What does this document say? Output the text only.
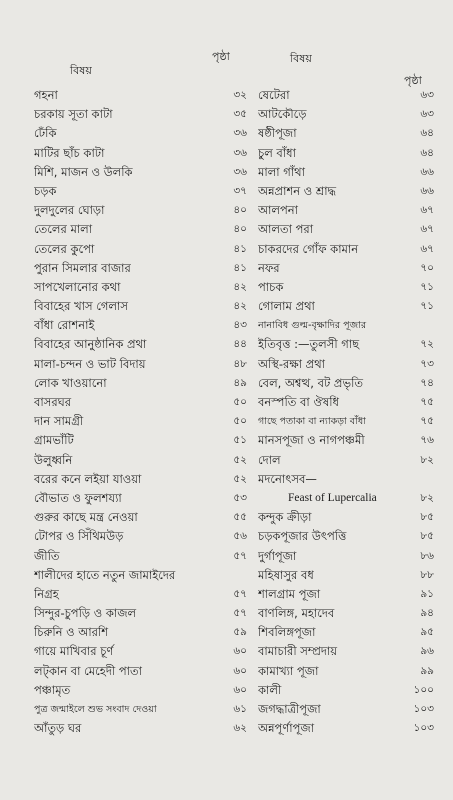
বিষয়
পৃষ্ঠা	বিষয়
পৃষ্ঠা
গহনা	৩২
চরকায় সূতা কাটা	৩৫
ঢেঁকি	৩৬
মাটির ছাঁচ কাটা	৩৬
মিশি, মাজন ও উলকি	৩৬
চড়ক	৩৭
দুলদুলের ঘোড়া	৪০
তেলের মালা	৪০
তেলের কুপো	৪১
পুরান সিমলার বাজার	৪১
সাপখেলানোর কথা	৪২
বিবাহের খাস গেলাস	৪২
বাঁধা রোশনাই	৪৩
বিবাহের আনুষ্ঠানিক প্রথা	৪৪
মালা-চন্দন ও ভাট বিদায়	৪৮
লোক খাওয়ানো	৪৯
বাসরঘর	৫০
দান সামগ্রী	৫০
গ্রামভাঁটি	৫১
উলুধ্বনি	৫২
বরের কনে লইয়া যাওয়া	৫২
বৌভাত ও ফুলশয্যা	৫৩
গুরুর কাছে মন্ত্র নেওয়া	৫৫
টোপর ও সিঁথিমউড়	৫৬
জীতি	৫৭
শালীদের হাতে নতুন জামাইদের
নিগ্রহ	৫৭
সিন্দুর-চুপড়ি ও কাজল	৫৭
চিরুনি ও আরশি	৫৯
গায়ে মাখিবার চূর্ণ	৬০
লট্‌কান বা মেহেদী পাতা	৬০
পঞ্চামৃত	৬০
পুত্র জন্মাইলে শুভ সংবাদ দেওয়া	৬১
আঁতুড় ঘর	৬২
ষেটেরা	৬৩
আটকৌড়ে	৬৩
ষষ্ঠীপূজা	৬৪
চুল বাঁধা	৬৪
মালা গাঁথা	৬৬
অন্নপ্রাশন ও শ্রাদ্ধ	৬৬
আলপনা	৬৭
আলতা পরা	৬৭
চাকরদের গোঁফ কামান	৬৭
নফর	৭০
পাচক	৭১
গোলাম প্রথা	৭১
নানাবিধ গুল্ম-বৃক্ষাদির পূজার
ইতিবৃত্ত :—তুলসী গাছ	৭২
অস্থি-রক্ষা প্রথা	৭৩
বেল, অশ্বত্থ, বট প্রভৃতি	৭৪
বনস্পতি বা ঔষধি	৭৫
গাছে পতাকা বা ন্যাকড়া বাঁধা	৭৫
মানসপূজা ও নাগপঞ্চমী	৭৬
দোল	৮২
মদনোৎসব—
Feast of Lupercalia	৮২
কন্দুক ক্রীড়া	৮৫
চড়কপূজার উৎপত্তি	৮৫
দুর্গাপূজা	৮৬
মহিষাসুর বধ	৮৮
শালগ্রাম পূজা	৯১
বাণলিঙ্গ, মহাদেব	৯৪
শিবলিঙ্গপূজা	৯৫
বামাচারী সম্প্রদায়	৯৬
কামাখ্যা পূজা	৯৯
কালী	১০০
জগদ্ধাত্রীপূজা	১০৩
অন্নপূর্ণাপূজা	১০৩
